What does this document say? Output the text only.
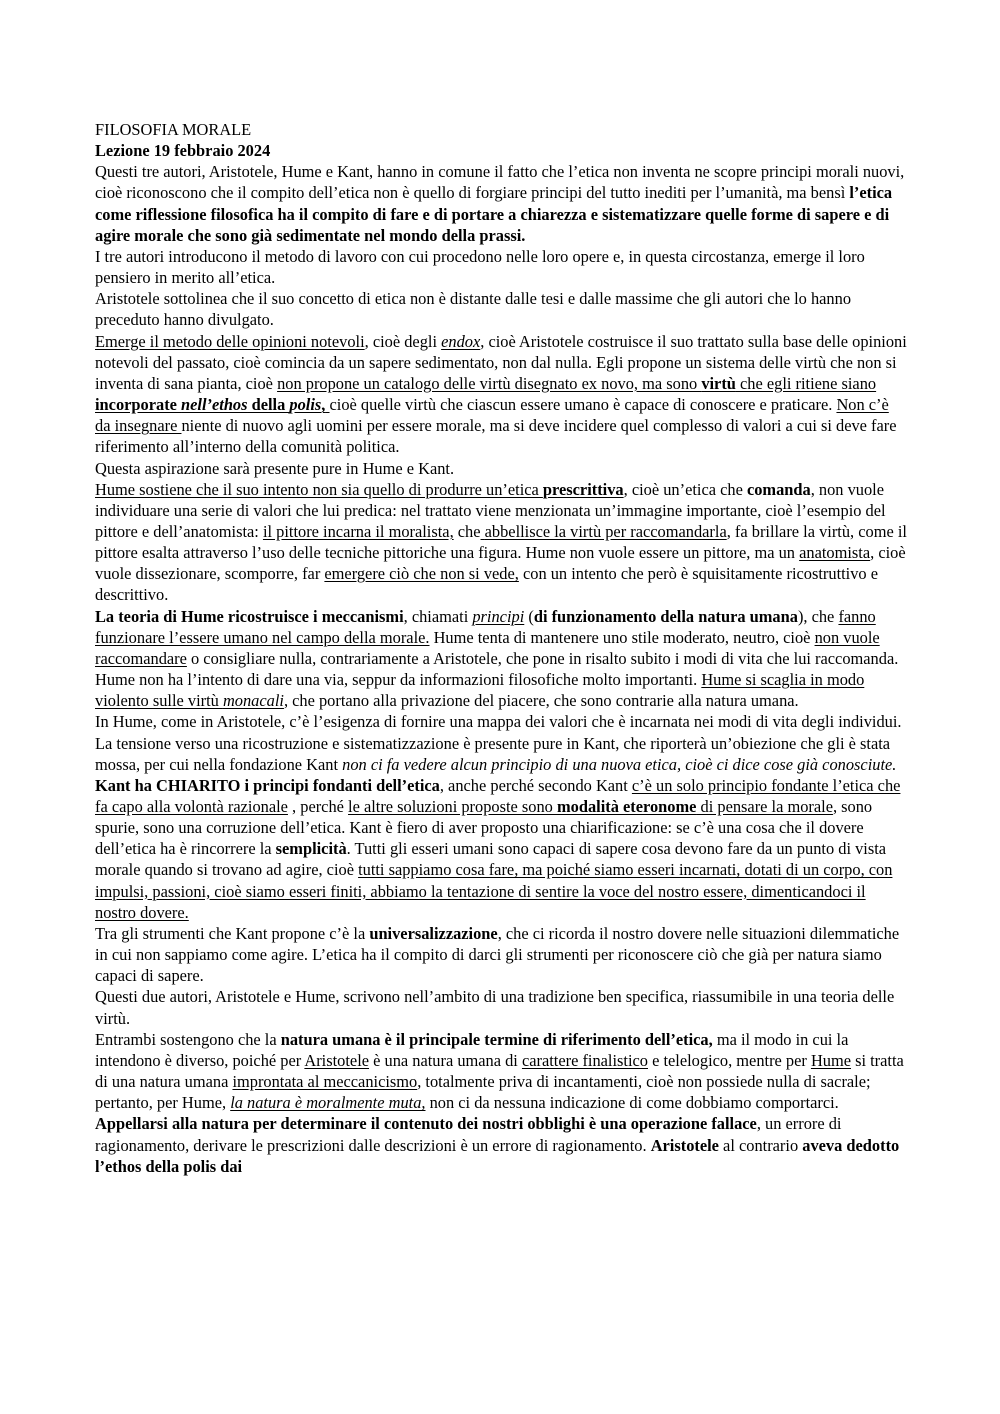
FILOSOFIA MORALE

Lezione 19 febbraio 2024

Questi tre autori, Aristotele, Hume e Kant, hanno in comune il fatto che l’etica non inventa ne scopre principi morali nuovi, cioè riconoscono che il compito dell’etica non è quello di forgiare principi del tutto inediti per l’umanità, ma bensì l’etica come riflessione filosofica ha il compito di fare e di portare a chiarezza e sistematizzare quelle forme di sapere e di agire morale che sono già sedimentate nel mondo della prassi.

I tre autori introducono il metodo di lavoro con cui procedono nelle loro opere e, in questa circostanza, emerge il loro pensiero in merito all’etica.

Aristotele sottolinea che il suo concetto di etica non è distante dalle tesi e dalle massime che gli autori che lo hanno preceduto hanno divulgato.

Emerge il metodo delle opinioni notevoli, cioè degli endox, cioè Aristotele costruisce il suo trattato sulla base delle opinioni notevoli del passato, cioè comincia da un sapere sedimentato, non dal nulla. Egli propone un sistema delle virtù che non si inventa di sana pianta, cioè non propone un catalogo delle virtù disegnato ex novo, ma sono virtù che egli ritiene siano incorporate nell’ethos della polis, cioè quelle virtù che ciascun essere umano è capace di conoscere e praticare. Non c’è da insegnare niente di nuovo agli uomini per essere morale, ma si deve incidere quel complesso di valori a cui si deve fare riferimento all’interno della comunità politica.

Questa aspirazione sarà presente pure in Hume e Kant.

Hume sostiene che il suo intento non sia quello di produrre un’etica prescrittiva, cioè un’etica che comanda, non vuole individuare una serie di valori che lui predica: nel trattato viene menzionata un’immagine importante, cioè l’esempio del pittore e dell’anatomista: il pittore incarna il moralista, che abbellisce la virtù per raccomandarla, fa brillare la virtù, come il pittore esalta attraverso l’uso delle tecniche pittoriche una figura. Hume non vuole essere un pittore, ma un anatomista, cioè vuole dissezionare, scomporre, far emergere ciò che non si vede, con un intento che però è squisitamente ricostruttivo e descrittivo.

La teoria di Hume ricostruisce i meccanismi, chiamati principi (di funzionamento della natura umana), che fanno funzionare l’essere umano nel campo della morale. Hume tenta di mantenere uno stile moderato, neutro, cioè non vuole raccomandare o consigliare nulla, contrariamente a Aristotele, che pone in risalto subito i modi di vita che lui raccomanda.

Hume non ha l’intento di dare una via, seppur da informazioni filosofiche molto importanti. Hume si scaglia in modo violento sulle virtù monacali, che portano alla privazione del piacere, che sono contrarie alla natura umana.

In Hume, come in Aristotele, c’è l’esigenza di fornire una mappa dei valori che è incarnata nei modi di vita degli individui. La tensione verso una ricostruzione e sistematizzazione è presente pure in Kant, che riporterà un’obiezione che gli è stata mossa, per cui nella fondazione Kant non ci fa vedere alcun principio di una nuova etica, cioè ci dice cose già conosciute. Kant ha CHIARITO i principi fondanti dell’etica, anche perché secondo Kant c’è un solo principio fondante l’etica che fa capo alla volontà razionale , perché le altre soluzioni proposte sono modalità eteronome di pensare la morale, sono spurie, sono una corruzione dell’etica. Kant è fiero di aver proposto una chiarificazione: se c’è una cosa che il dovere dell’etica ha è rincorrere la semplicità. Tutti gli esseri umani sono capaci di sapere cosa devono fare da un punto di vista morale quando si trovano ad agire, cioè tutti sappiamo cosa fare, ma poiché siamo esseri incarnati, dotati di un corpo, con impulsi, passioni, cioè siamo esseri finiti, abbiamo la tentazione di sentire la voce del nostro essere, dimenticandoci il nostro dovere.

Tra gli strumenti che Kant propone c’è la universalizzazione, che ci ricorda il nostro dovere nelle situazioni dilemmatiche in cui non sappiamo come agire. L’etica ha il compito di darci gli strumenti per riconoscere ciò che già per natura siamo capaci di sapere.

Questi due autori, Aristotele e Hume, scrivono nell’ambito di una tradizione ben specifica, riassumibile in una teoria delle virtù.

Entrambi sostengono che la natura umana è il principale termine di riferimento dell’etica, ma il modo in cui la intendono è diverso, poiché per Aristotele è una natura umana di carattere finalistico e telelogico, mentre per Hume si tratta di una natura umana improntata al meccanicismo, totalmente priva di incantamenti, cioè non possiede nulla di sacrale; pertanto, per Hume, la natura è moralmente muta, non ci da nessuna indicazione di come dobbiamo comportarci. Appellarsi alla natura per determinare il contenuto dei nostri obblighi è una operazione fallace, un errore di ragionamento, derivare le prescrizioni dalle descrizioni è un errore di ragionamento. Aristotele al contrario aveva dedotto l’ethos della polis dai
